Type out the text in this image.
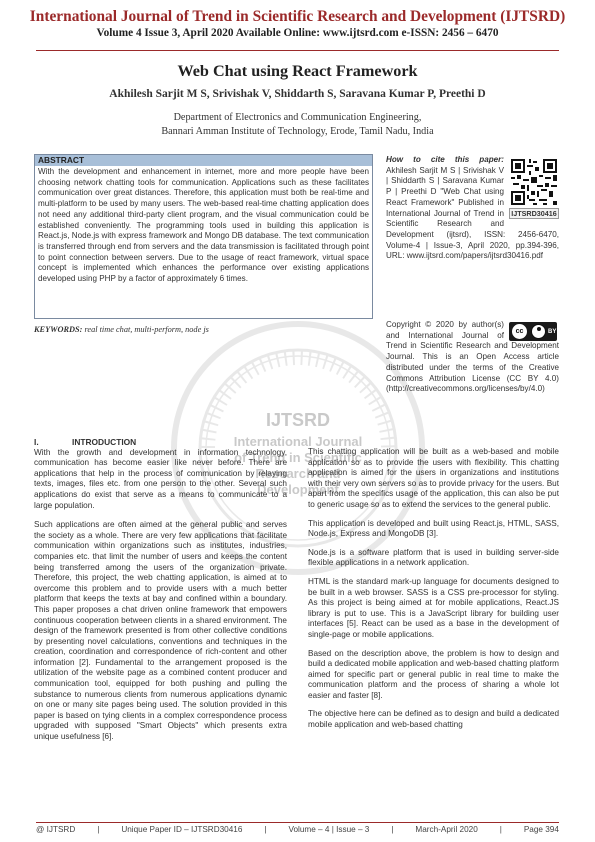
International Journal of Trend in Scientific Research and Development (IJTSRD)
Volume 4 Issue 3, April 2020 Available Online: www.ijtsrd.com e-ISSN: 2456 – 6470
Web Chat using React Framework
Akhilesh Sarjit M S, Srivishak V, Shiddarth S, Saravana Kumar P, Preethi D
Department of Electronics and Communication Engineering,
Bannari Amman Institute of Technology, Erode, Tamil Nadu, India
IJTSRD
International Journal
of Trend in Scientific
Research and
Development
ABSTRACT
With the development and enhancement in internet, more and more people have been choosing network chatting tools for communication. Applications such as these facilitates communication over great distances. Therefore, this application must both be real-time and multi-platform to be used by many users. The web-based real-time chatting application does not need any additional third-party client program, and the visual communication could be established conveniently. The programming tools used in building this application is React.js, Node.js with express framework and Mongo DB database. The text communication is transferred through end from servers and the data transmission is facilitated through point to point connection between servers. Due to the usage of react framework, virtual space concept is implemented which enhances the performance over existing applications developed using PHP by a factor of approximately 6 times.
KEYWORDS: real time chat, multi-perform, node js
IJTSRD30416
How to cite this paper: Akhilesh Sarjit M S | Srivishak V | Shiddarth S | Saravana Kumar P | Preethi D "Web Chat using React Framework" Published in International Journal of Trend in Scientific Research and Development (ijtsrd), ISSN: 2456-6470, Volume-4 | Issue-3, April 2020, pp.394-396, URL: www.ijtsrd.com/papers/ijtsrd30416.pdf
cc	BY
Copyright © 2020 by author(s) and International Journal of Trend in Scientific Research and Development Journal. This is an Open Access article distributed under the terms of the Creative Commons Attribution License (CC BY 4.0) (http://creativecommons.org/licenses/by/4.0)
I.	INTRODUCTION
With the growth and development in information technology, communication has become easier like never before. There are applications that help in the process of communication by relaying texts, images, files etc. from one person to the other. Several such applications do exist that serve as a means to communicate to a large population.
Such applications are often aimed at the general public and serves the society as a whole. There are very few applications that facilitate communication within organizations such as institutes, industries, companies etc. that limit the number of users and keeps the content being transferred among the users of the organization private. Therefore, this project, the web chatting application, is aimed at to overcome this problem and to provide users with a much better platform that keeps the texts at bay and confined within a boundary. This paper proposes a chat driven online framework that empowers continuous cooperation between clients in a shared environment. The design of the framework presented is from other collective conditions by presenting novel calculations, conventions and techniques in the creation, coordination and correspondence of rich-content and other information [2]. Fundamental to the arrangement proposed is the utilization of the website page as a combined content producer and communication tool, equipped for both pushing and pulling the substance to numerous clients from numerous applications dynamic on one or many site pages being used. The solution provided in this paper is based on tying clients in a complex correspondence process upgraded with supposed "Smart Objects" which presents extra unique usefulness [6].
This chatting application will be built as a web-based and mobile application so as to provide the users with flexibility. This chatting application is aimed for the users in organizations and institutions with their very own servers so as to provide privacy for the users. But apart from the specifics usage of the application, this can also be put to generic usage so as to extend the services to the general public.
This application is developed and built using React.js, HTML, SASS, Node.js, Express and MongoDB [3].
Node.js is a software platform that is used in building server-side flexible applications in a network application.
HTML is the standard mark-up language for documents designed to be built in a web browser. SASS is a CSS pre-processor for styling. As this project is being aimed at for mobile applications, React.JS library is put to use. This is a JavaScript library for building user interfaces [5]. React can be used as a base in the development of single-page or mobile applications.
Based on the description above, the problem is how to design and build a dedicated mobile application and web-based chatting platform aimed for specific part or general public in real time to make the communication platform and the process of sharing a whole lot easier and faster [8].
The objective here can be defined as to design and build a dedicated mobile application and web-based chatting
@ IJTSRD	|	Unique Paper ID – IJTSRD30416	|	Volume – 4 | Issue – 3	|	March-April 2020	|	Page 394
